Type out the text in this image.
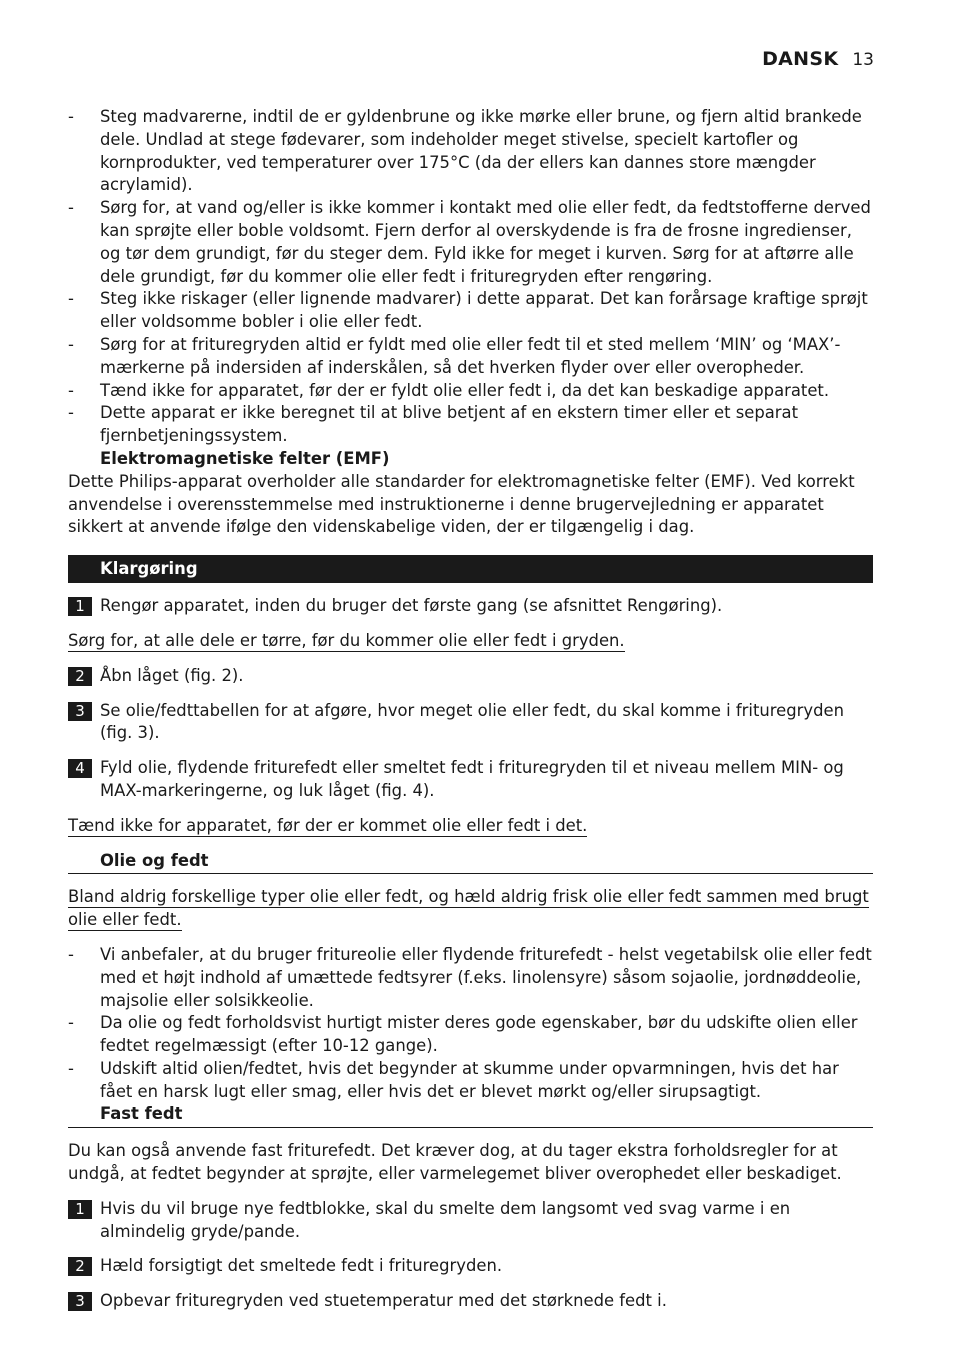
DANSK 13
- Steg madvarerne, indtil de er gyldenbrune og ikke mørke eller brune, og fjern altid brankede dele. Undlad at stege fødevarer, som indeholder meget stivelse, specielt kartofler og kornprodukter, ved temperaturer over 175°C (da der ellers kan dannes store mængder acrylamid).
- Sørg for, at vand og/eller is ikke kommer i kontakt med olie eller fedt, da fedtstofferne derved kan sprøjte eller boble voldsomt. Fjern derfor al overskydende is fra de frosne ingredienser, og tør dem grundigt, før du steger dem. Fyld ikke for meget i kurven. Sørg for at aftørre alle dele grundigt, før du kommer olie eller fedt i frituregryden efter rengøring.
- Steg ikke riskager (eller lignende madvarer) i dette apparat. Det kan forårsage kraftige sprøjt eller voldsomme bobler i olie eller fedt.
- Sørg for at frituregryden altid er fyldt med olie eller fedt til et sted mellem ‘MIN’ og ‘MAX’-mærkerne på indersiden af inderskålen, så det hverken flyder over eller overopheder.
- Tænd ikke for apparatet, før der er fyldt olie eller fedt i, da det kan beskadige apparatet.
- Dette apparat er ikke beregnet til at blive betjent af en ekstern timer eller et separat fjernbetjeningssystem.
Elektromagnetiske felter (EMF)
Dette Philips-apparat overholder alle standarder for elektromagnetiske felter (EMF). Ved korrekt anvendelse i overensstemmelse med instruktionerne i denne brugervejledning er apparatet sikkert at anvende ifølge den videnskabelige viden, der er tilgængelig i dag.
Klargøring
1 Rengør apparatet, inden du bruger det første gang (se afsnittet Rengøring).
Sørg for, at alle dele er tørre, før du kommer olie eller fedt i gryden.
2 Åbn låget (fig. 2).
3 Se olie/fedttabellen for at afgøre, hvor meget olie eller fedt, du skal komme i frituregryden (fig. 3).
4 Fyld olie, flydende friturefedt eller smeltet fedt i frituregryden til et niveau mellem MIN- og MAX-markeringerne, og luk låget (fig. 4).
Tænd ikke for apparatet, før der er kommet olie eller fedt i det.
Olie og fedt
Bland aldrig forskellige typer olie eller fedt, og hæld aldrig frisk olie eller fedt sammen med brugt olie eller fedt.
- Vi anbefaler, at du bruger fritureolie eller flydende friturefedt - helst vegetabilsk olie eller fedt med et højt indhold af umættede fedtsyrer (f.eks. linolensyre) såsom sojaolie, jordnøddeolie, majsolie eller solsikkeolie.
- Da olie og fedt forholdsvist hurtigt mister deres gode egenskaber, bør du udskifte olien eller fedtet regelmæssigt (efter 10-12 gange).
- Udskift altid olien/fedtet, hvis det begynder at skumme under opvarmningen, hvis det har fået en harsk lugt eller smag, eller hvis det er blevet mørkt og/eller sirupsagtigt.
Fast fedt
Du kan også anvende fast friturefedt. Det kræver dog, at du tager ekstra forholdsregler for at undgå, at fedtet begynder at sprøjte, eller varmelegemet bliver overophedet eller beskadiget.
1 Hvis du vil bruge nye fedtblokke, skal du smelte dem langsomt ved svag varme i en almindelig gryde/pande.
2 Hæld forsigtigt det smeltede fedt i frituregryden.
3 Opbevar frituregryden ved stuetemperatur med det størknede fedt i.
